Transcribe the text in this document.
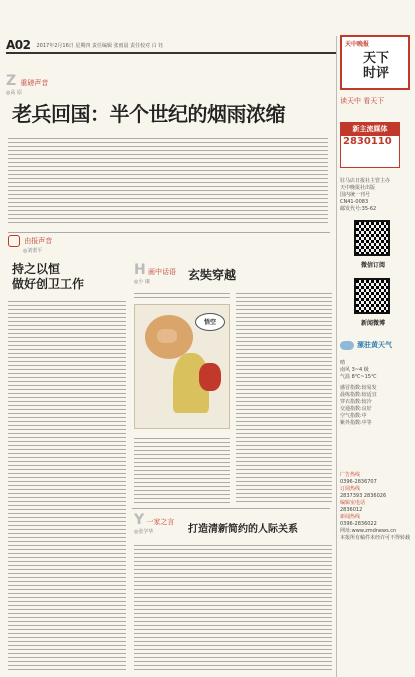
A02 2017年2月16日 星期四 责任编辑 张雨晨 责任校对 白 钰	天中晚报
天下
时评
Z 重磅声音
◎高 原
老兵回国：半个世纪的烟雨浓缩
由报声音
◎刘蕾平
持之以恒
做好创卫工作
H 画中话语
◎小 康	玄奘穿越
悟空
Y 一家之言
◎张学华	打造清新简约的人际关系
读天中 看天下
新主流媒体
2830110
驻马店日报社主管主办
天中晚报社出版
国内统一刊号
CN41-0083
邮发代号:35-62
微信订阅
新闻微博
漯驻黄天气
晴
南风 3~4 级
气温 8℃~15℃
感冒指数:较易发
晨练指数:较适宜
穿衣指数:较冷
交通指数:良好
空气指数:中
紫外指数:中等
广告热线
0396-2836707
订阅热线
2837393 2836026
编辑室电话
2836012
新闻热线
0396-2836022
网址:www.zmdnews.cn
本报所有稿件未经许可不得转载
